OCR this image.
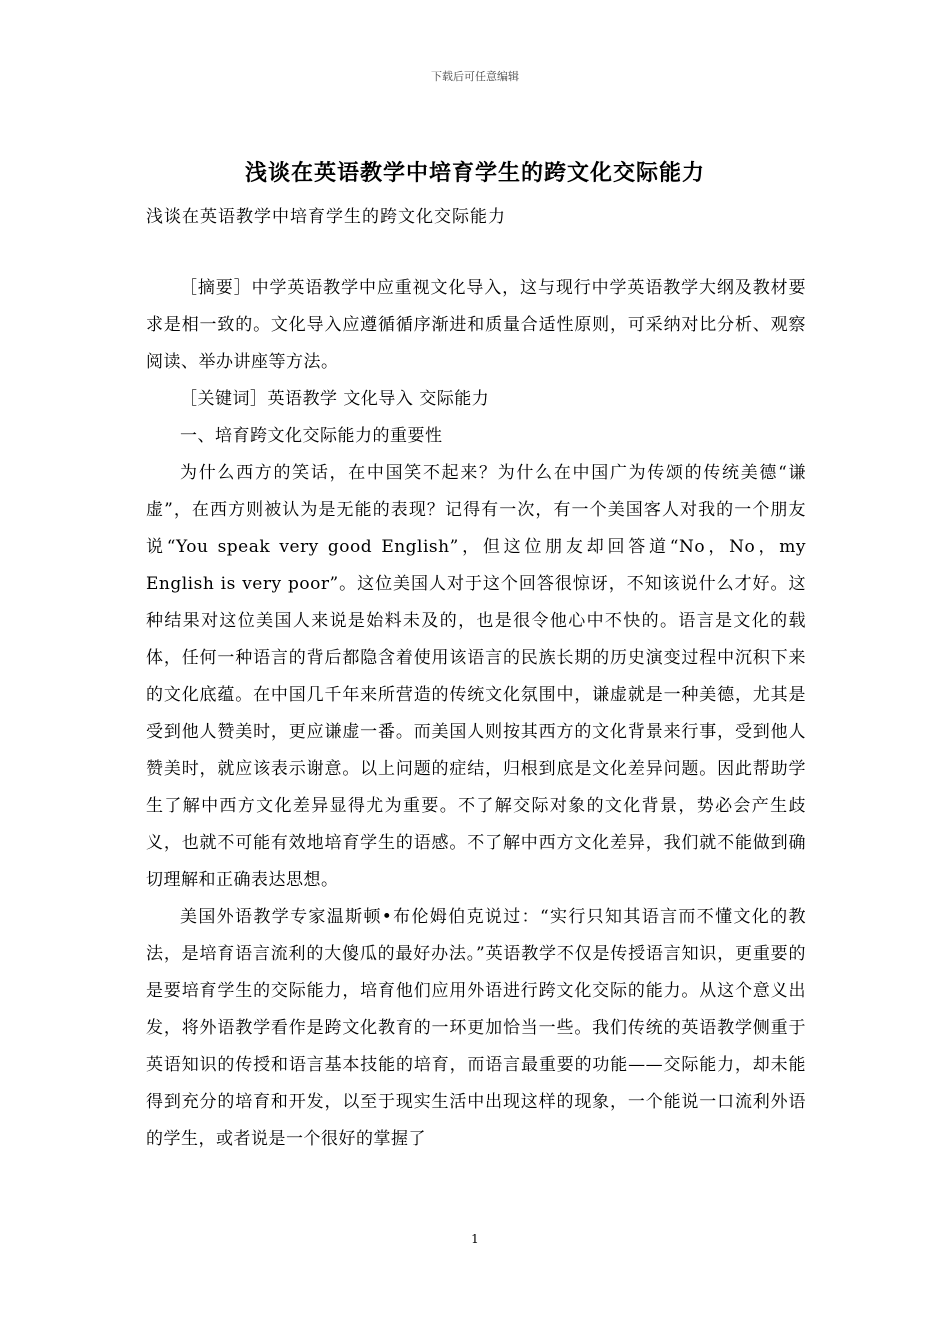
下载后可任意编辑
浅谈在英语教学中培育学生的跨文化交际能力
浅谈在英语教学中培育学生的跨文化交际能力

［摘要］中学英语教学中应重视文化导入，这与现行中学英语教学大纲及教材要求是相一致的。文化导入应遵循循序渐进和质量合适性原则，可采纳对比分析、观察阅读、举办讲座等方法。

［关键词］英语教学 文化导入 交际能力

一、培育跨文化交际能力的重要性

为什么西方的笑话，在中国笑不起来？为什么在中国广为传颂的传统美德“谦虚”，在西方则被认为是无能的表现？记得有一次，有一个美国客人对我的一个朋友说“You speak very good English”，但这位朋友却回答道“No，No，my English is very poor”。这位美国人对于这个回答很惊讶，不知该说什么才好。这种结果对这位美国人来说是始料未及的，也是很令他心中不快的。语言是文化的载体，任何一种语言的背后都隐含着使用该语言的民族长期的历史演变过程中沉积下来的文化底蕴。在中国几千年来所营造的传统文化氛围中，谦虚就是一种美德，尤其是受到他人赞美时，更应谦虚一番。而美国人则按其西方的文化背景来行事，受到他人赞美时，就应该表示谢意。以上问题的症结，归根到底是文化差异问题。因此帮助学生了解中西方文化差异显得尤为重要。不了解交际对象的文化背景，势必会产生歧义，也就不可能有效地培育学生的语感。不了解中西方文化差异，我们就不能做到确切理解和正确表达思想。

美国外语教学专家温斯顿•布伦姆伯克说过：“实行只知其语言而不懂文化的教法，是培育语言流利的大傻瓜的最好办法。”英语教学不仅是传授语言知识，更重要的是要培育学生的交际能力，培育他们应用外语进行跨文化交际的能力。从这个意义出发，将外语教学看作是跨文化教育的一环更加恰当一些。我们传统的英语教学侧重于英语知识的传授和语言基本技能的培育，而语言最重要的功能——交际能力，却未能得到充分的培育和开发，以至于现实生活中出现这样的现象，一个能说一口流利外语的学生，或者说是一个很好的掌握了

1
